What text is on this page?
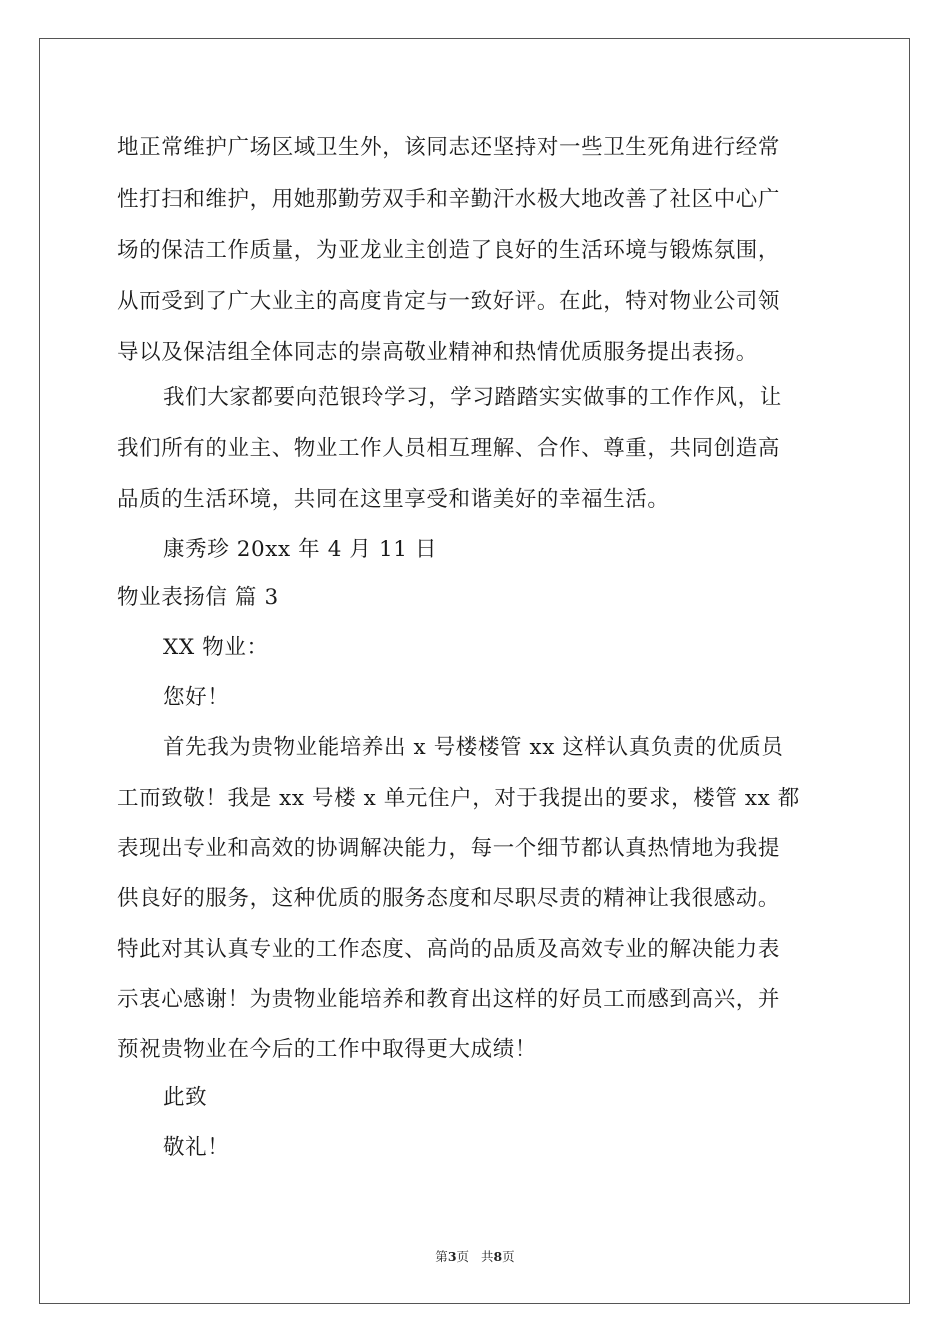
地正常维护广场区域卫生外，该同志还坚持对一些卫生死角进行经常
性打扫和维护，用她那勤劳双手和辛勤汗水极大地改善了社区中心广
场的保洁工作质量，为亚龙业主创造了良好的生活环境与锻炼氛围，
从而受到了广大业主的高度肯定与一致好评。在此，特对物业公司领
导以及保洁组全体同志的崇高敬业精神和热情优质服务提出表扬。
我们大家都要向范银玲学习，学习踏踏实实做事的工作作风，让
我们所有的业主、物业工作人员相互理解、合作、尊重，共同创造高
品质的生活环境，共同在这里享受和谐美好的幸福生活。
康秀珍 20xx 年 4 月 11 日
物业表扬信 篇 3
XX 物业：
您好！
首先我为贵物业能培养出 x 号楼楼管 xx 这样认真负责的优质员
工而致敬！我是 xx 号楼 x 单元住户，对于我提出的要求，楼管 xx 都
表现出专业和高效的协调解决能力，每一个细节都认真热情地为我提
供良好的服务，这种优质的服务态度和尽职尽责的精神让我很感动。
特此对其认真专业的工作态度、高尚的品质及高效专业的解决能力表
示衷心感谢！为贵物业能培养和教育出这样的好员工而感到高兴，并
预祝贵物业在今后的工作中取得更大成绩！
此致
敬礼！
第3页 共8页
